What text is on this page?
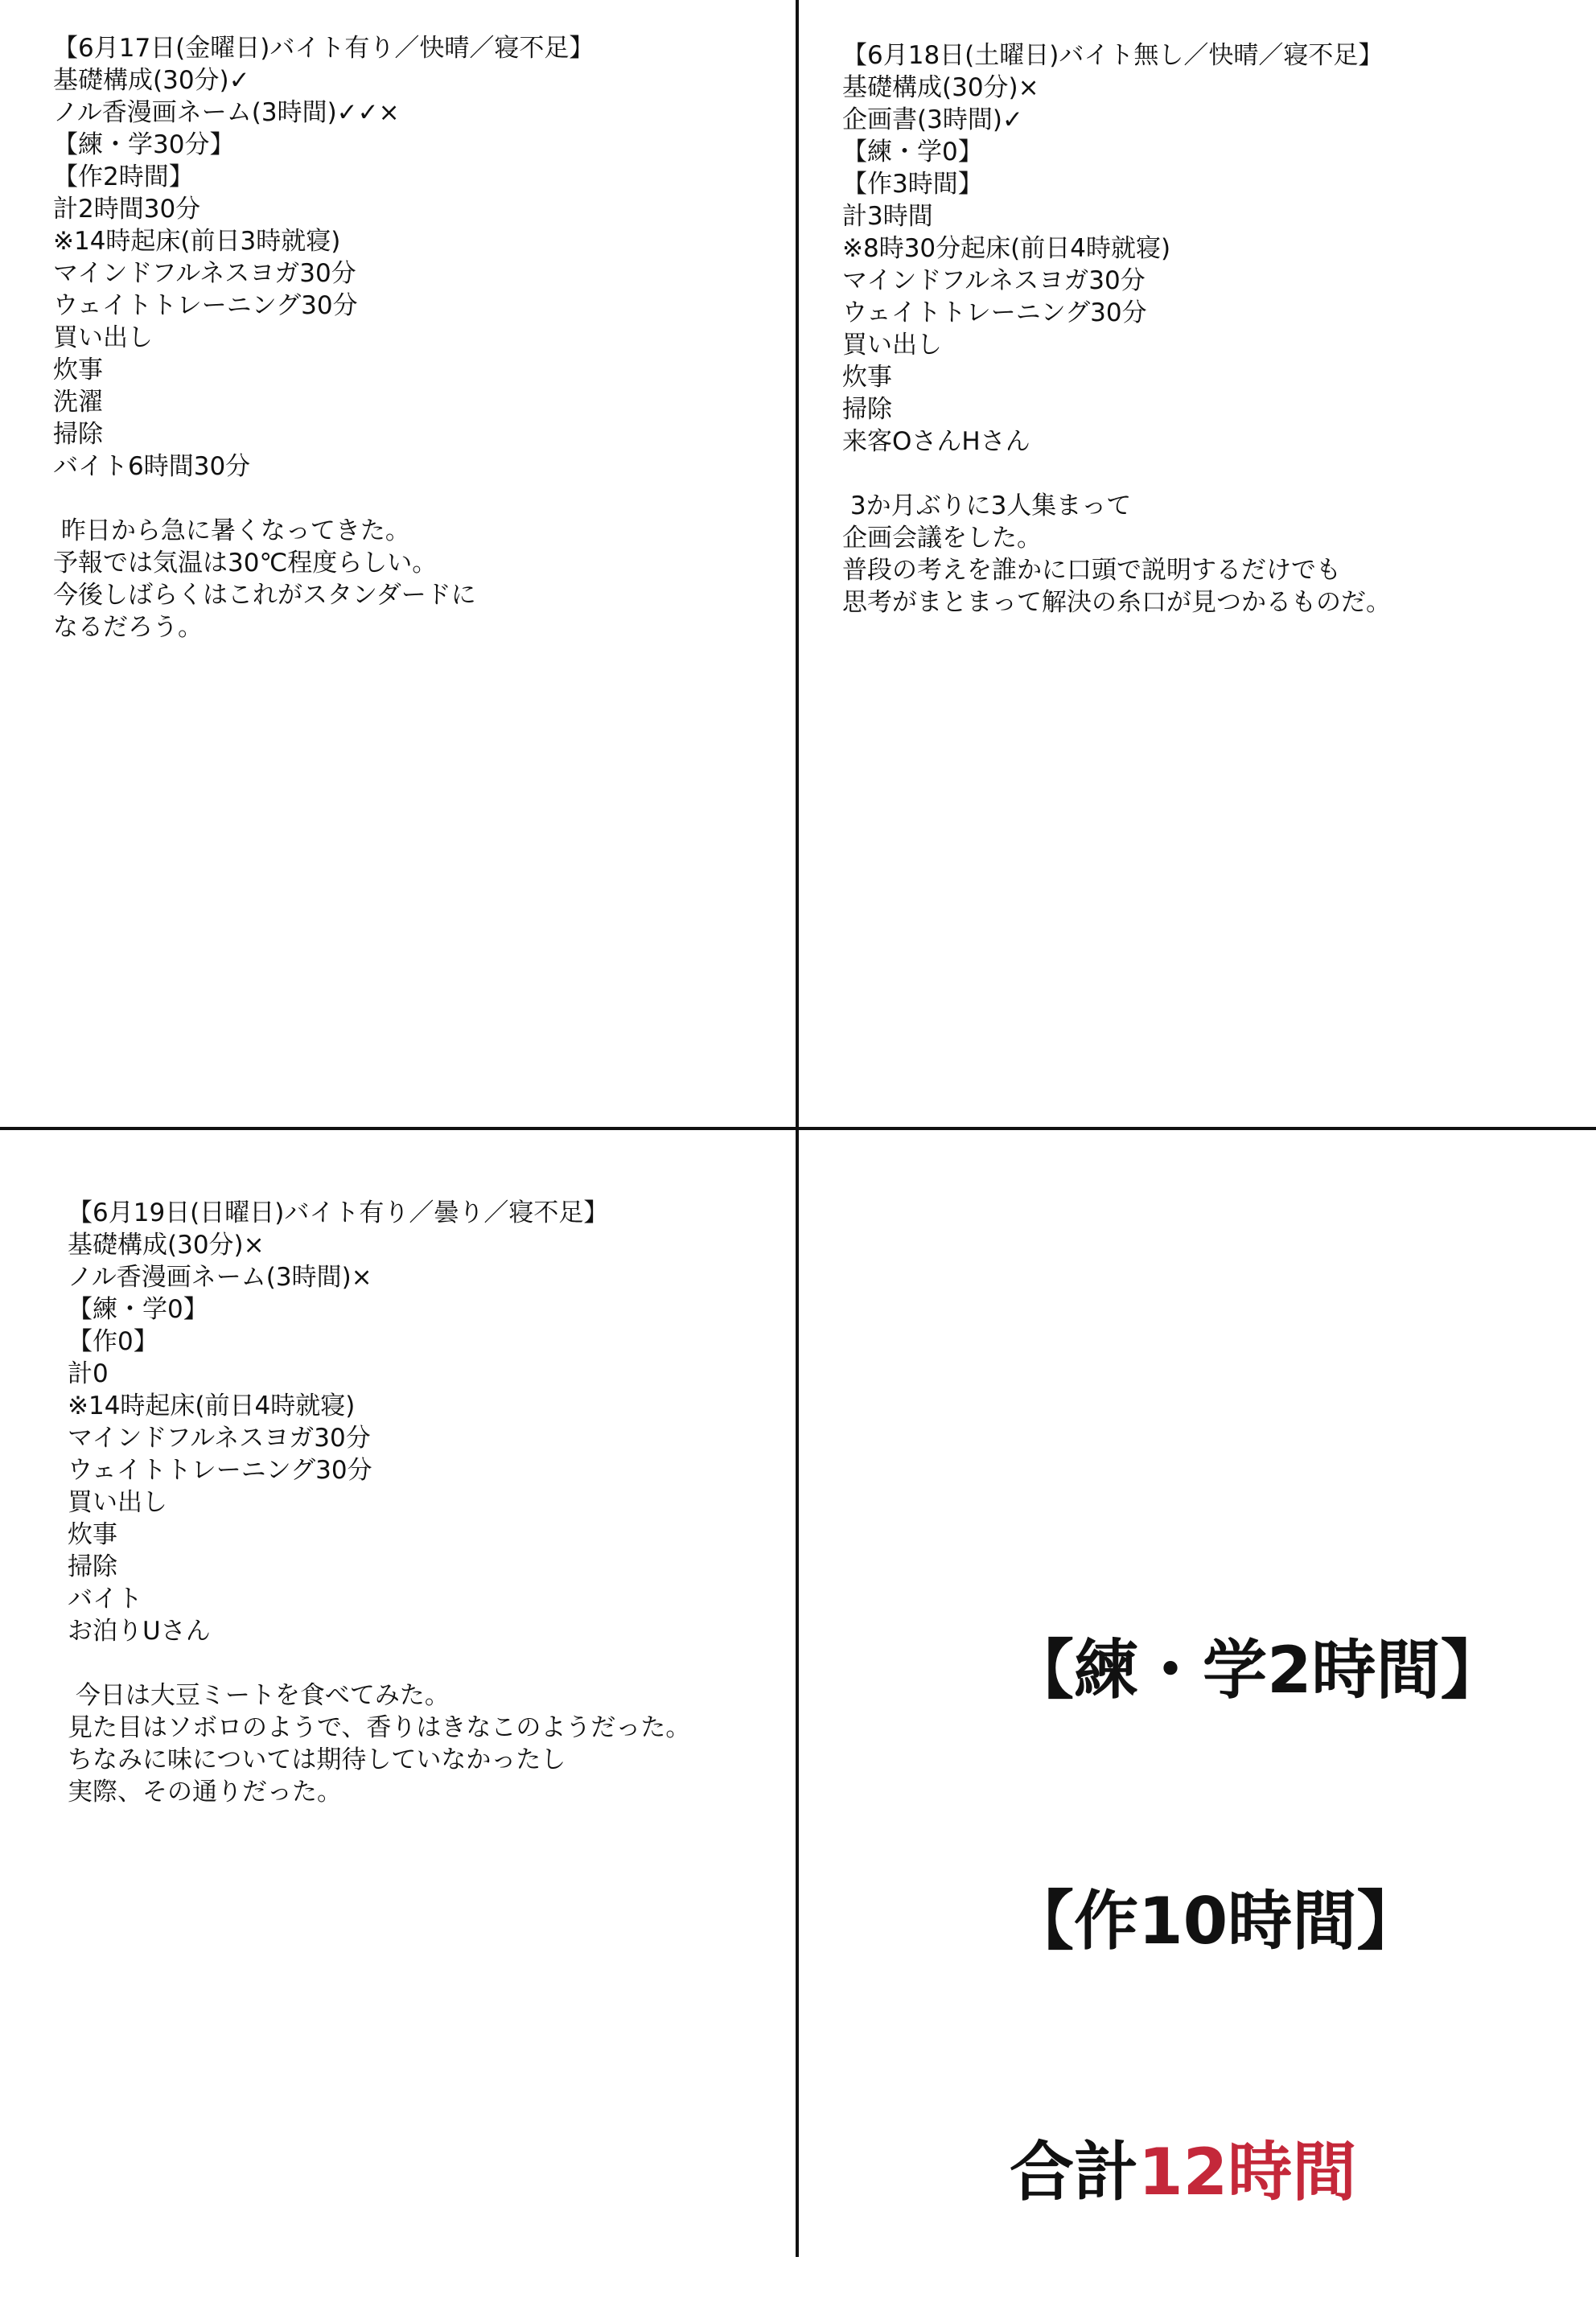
【6月17日(金曜日)バイト有り／快晴／寝不足】
基礎構成(30分)✓
ノル香漫画ネーム(3時間)✓✓×
【練・学30分】
【作2時間】
計2時間30分
※14時起床(前日3時就寝)
マインドフルネスヨガ30分
ウェイトトレーニング30分
買い出し
炊事
洗濯
掃除
バイト6時間30分
昨日から急に暑くなってきた。
予報では気温は30℃程度らしい。
今後しばらくはこれがスタンダードに
なるだろう。
【6月18日(土曜日)バイト無し／快晴／寝不足】
基礎構成(30分)×
企画書(3時間)✓
【練・学0】
【作3時間】
計3時間
※8時30分起床(前日4時就寝)
マインドフルネスヨガ30分
ウェイトトレーニング30分
買い出し
炊事
掃除
来客OさんHさん
3か月ぶりに3人集まって
企画会議をした。
普段の考えを誰かに口頭で説明するだけでも
思考がまとまって解決の糸口が見つかるものだ。
【6月19日(日曜日)バイト有り／曇り／寝不足】
基礎構成(30分)×
ノル香漫画ネーム(3時間)×
【練・学0】
【作0】
計0
※14時起床(前日4時就寝)
マインドフルネスヨガ30分
ウェイトトレーニング30分
買い出し
炊事
掃除
バイト
お泊りUさん
今日は大豆ミートを食べてみた。
見た目はソボロのようで、香りはきなこのようだった。
ちなみに味については期待していなかったし
実際、その通りだった。

【練・学2時間】

【作10時間】

合計12時間
